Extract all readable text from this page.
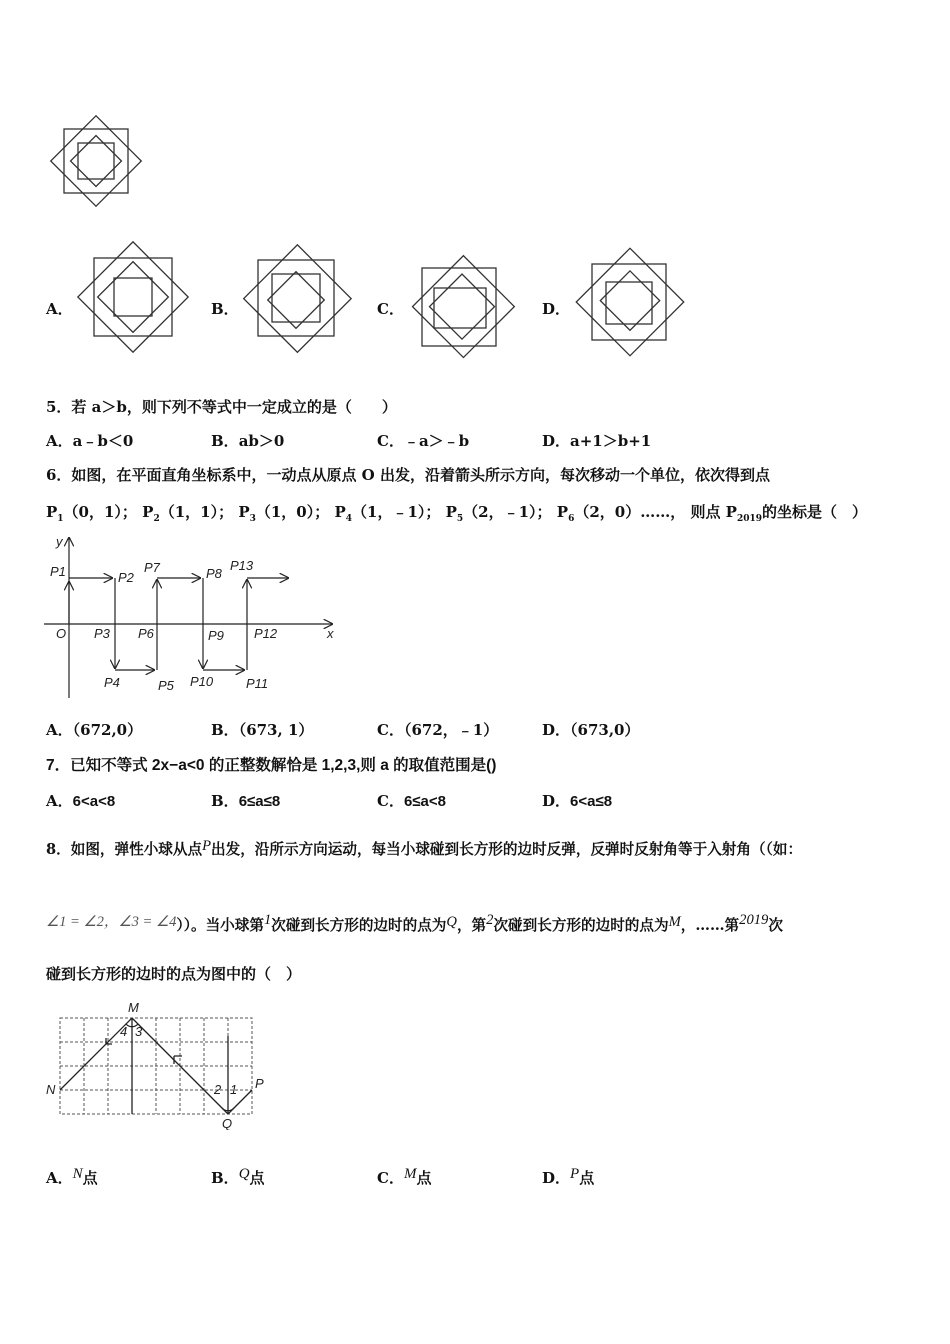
A．	B．	C．	D．
5．若 a＞b，则下列不等式中一定成立的是（　　）
A．a﹣b＜0	B．ab＞0	C．﹣a＞﹣b	D．a+1＞b+1
6．如图，在平面直角坐标系中，一动点从原点 O 出发，沿着箭头所示方向，每次移动一个单位，依次得到点
$P_1(0$，1）； $P_2(1$，1）； $P_3(1$，0）； $P_4(1$，﹣1）； $P_5(2$，﹣1）； $P_6(2$，0）……， 则点 $P_{2019}$的坐标是（　）
y
x
O
P1	P2
P3
P4	P5
P6
P7	P8
P9
P10	P11
P12
P13
A．（672,0）	B．（673, 1）	C．（672，﹣1）	D．（673,0）
7．已知不等式 2x−a<0 的正整数解恰是 1,2,3,则 a 的取值范围是()
A．6<a<8	B．6≤a≤8	C．6≤a<8	D．6<a≤8
8．如图，弹性小球从点P出发，沿所示方向运动，每当小球碰到长方形的边时反弹，反弹时反射角等于入射角（（如：
∠1 = ∠2，∠3 = ∠4））。当小球第1次碰到长方形的边时的点为Q，第2次碰到长方形的边时的点为M，……第2019次
碰到长方形的边时的点为图中的（　）
M
N	P
Q
4 3
2 1
A．N点	B．Q点	C．M点	D．P点
